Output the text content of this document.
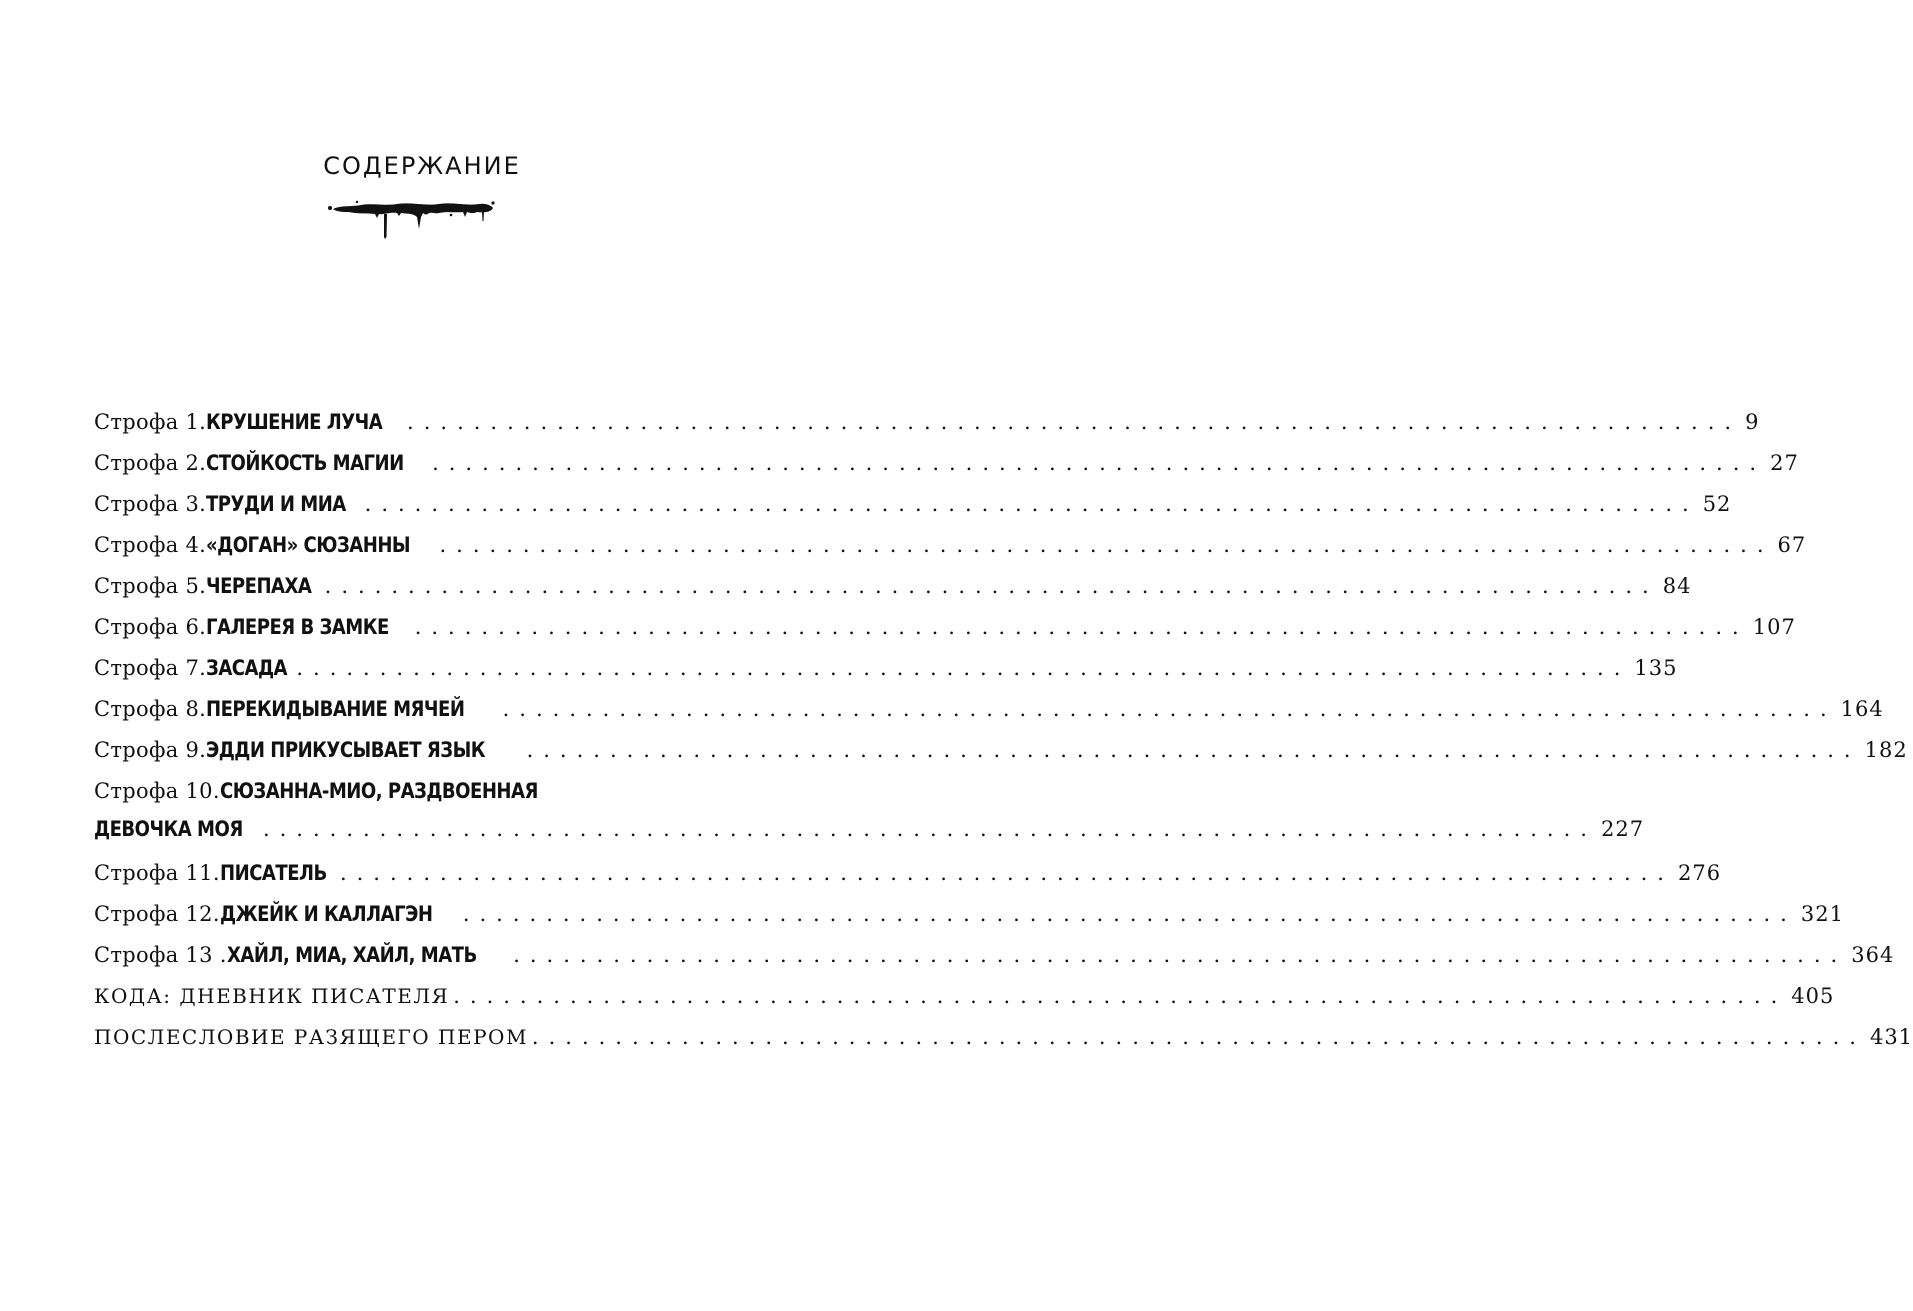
СОДЕРЖАНИЕ
Строфа 1. КРУШЕНИЕ ЛУЧА ................................................................................ 9
Строфа 2. СТОЙКОСТЬ МАГИИ ................................................................................ 27
Строфа 3. ТРУДИ И МИА ................................................................................ 52
Строфа 4. «ДОГАН» СЮЗАННЫ ................................................................................ 67
Строфа 5. ЧЕРЕПАХА ................................................................................ 84
Строфа 6. ГАЛЕРЕЯ В ЗАМКЕ ................................................................................ 107
Строфа 7. ЗАСАДА ................................................................................ 135
Строфа 8. ПЕРЕКИДЫВАНИЕ МЯЧЕЙ ................................................................................ 164
Строфа 9. ЭДДИ ПРИКУСЫВАЕТ ЯЗЫК ................................................................................ 182
Строфа 10. СЮЗАННА-МИО, РАЗДВОЕННАЯ
ДЕВОЧКА МОЯ ................................................................................ 227
Строфа 11. ПИСАТЕЛЬ ................................................................................ 276
Строфа 12. ДЖЕЙК И КАЛЛАГЭН ................................................................................ 321
Строфа 13 . ХАЙЛ, МИА, ХАЙЛ, МАТЬ ................................................................................ 364
КОДА: ДНЕВНИК ПИСАТЕЛЯ ................................................................................ 405
ПОСЛЕСЛОВИЕ РАЗЯЩЕГО ПЕРОМ ................................................................................ 431
